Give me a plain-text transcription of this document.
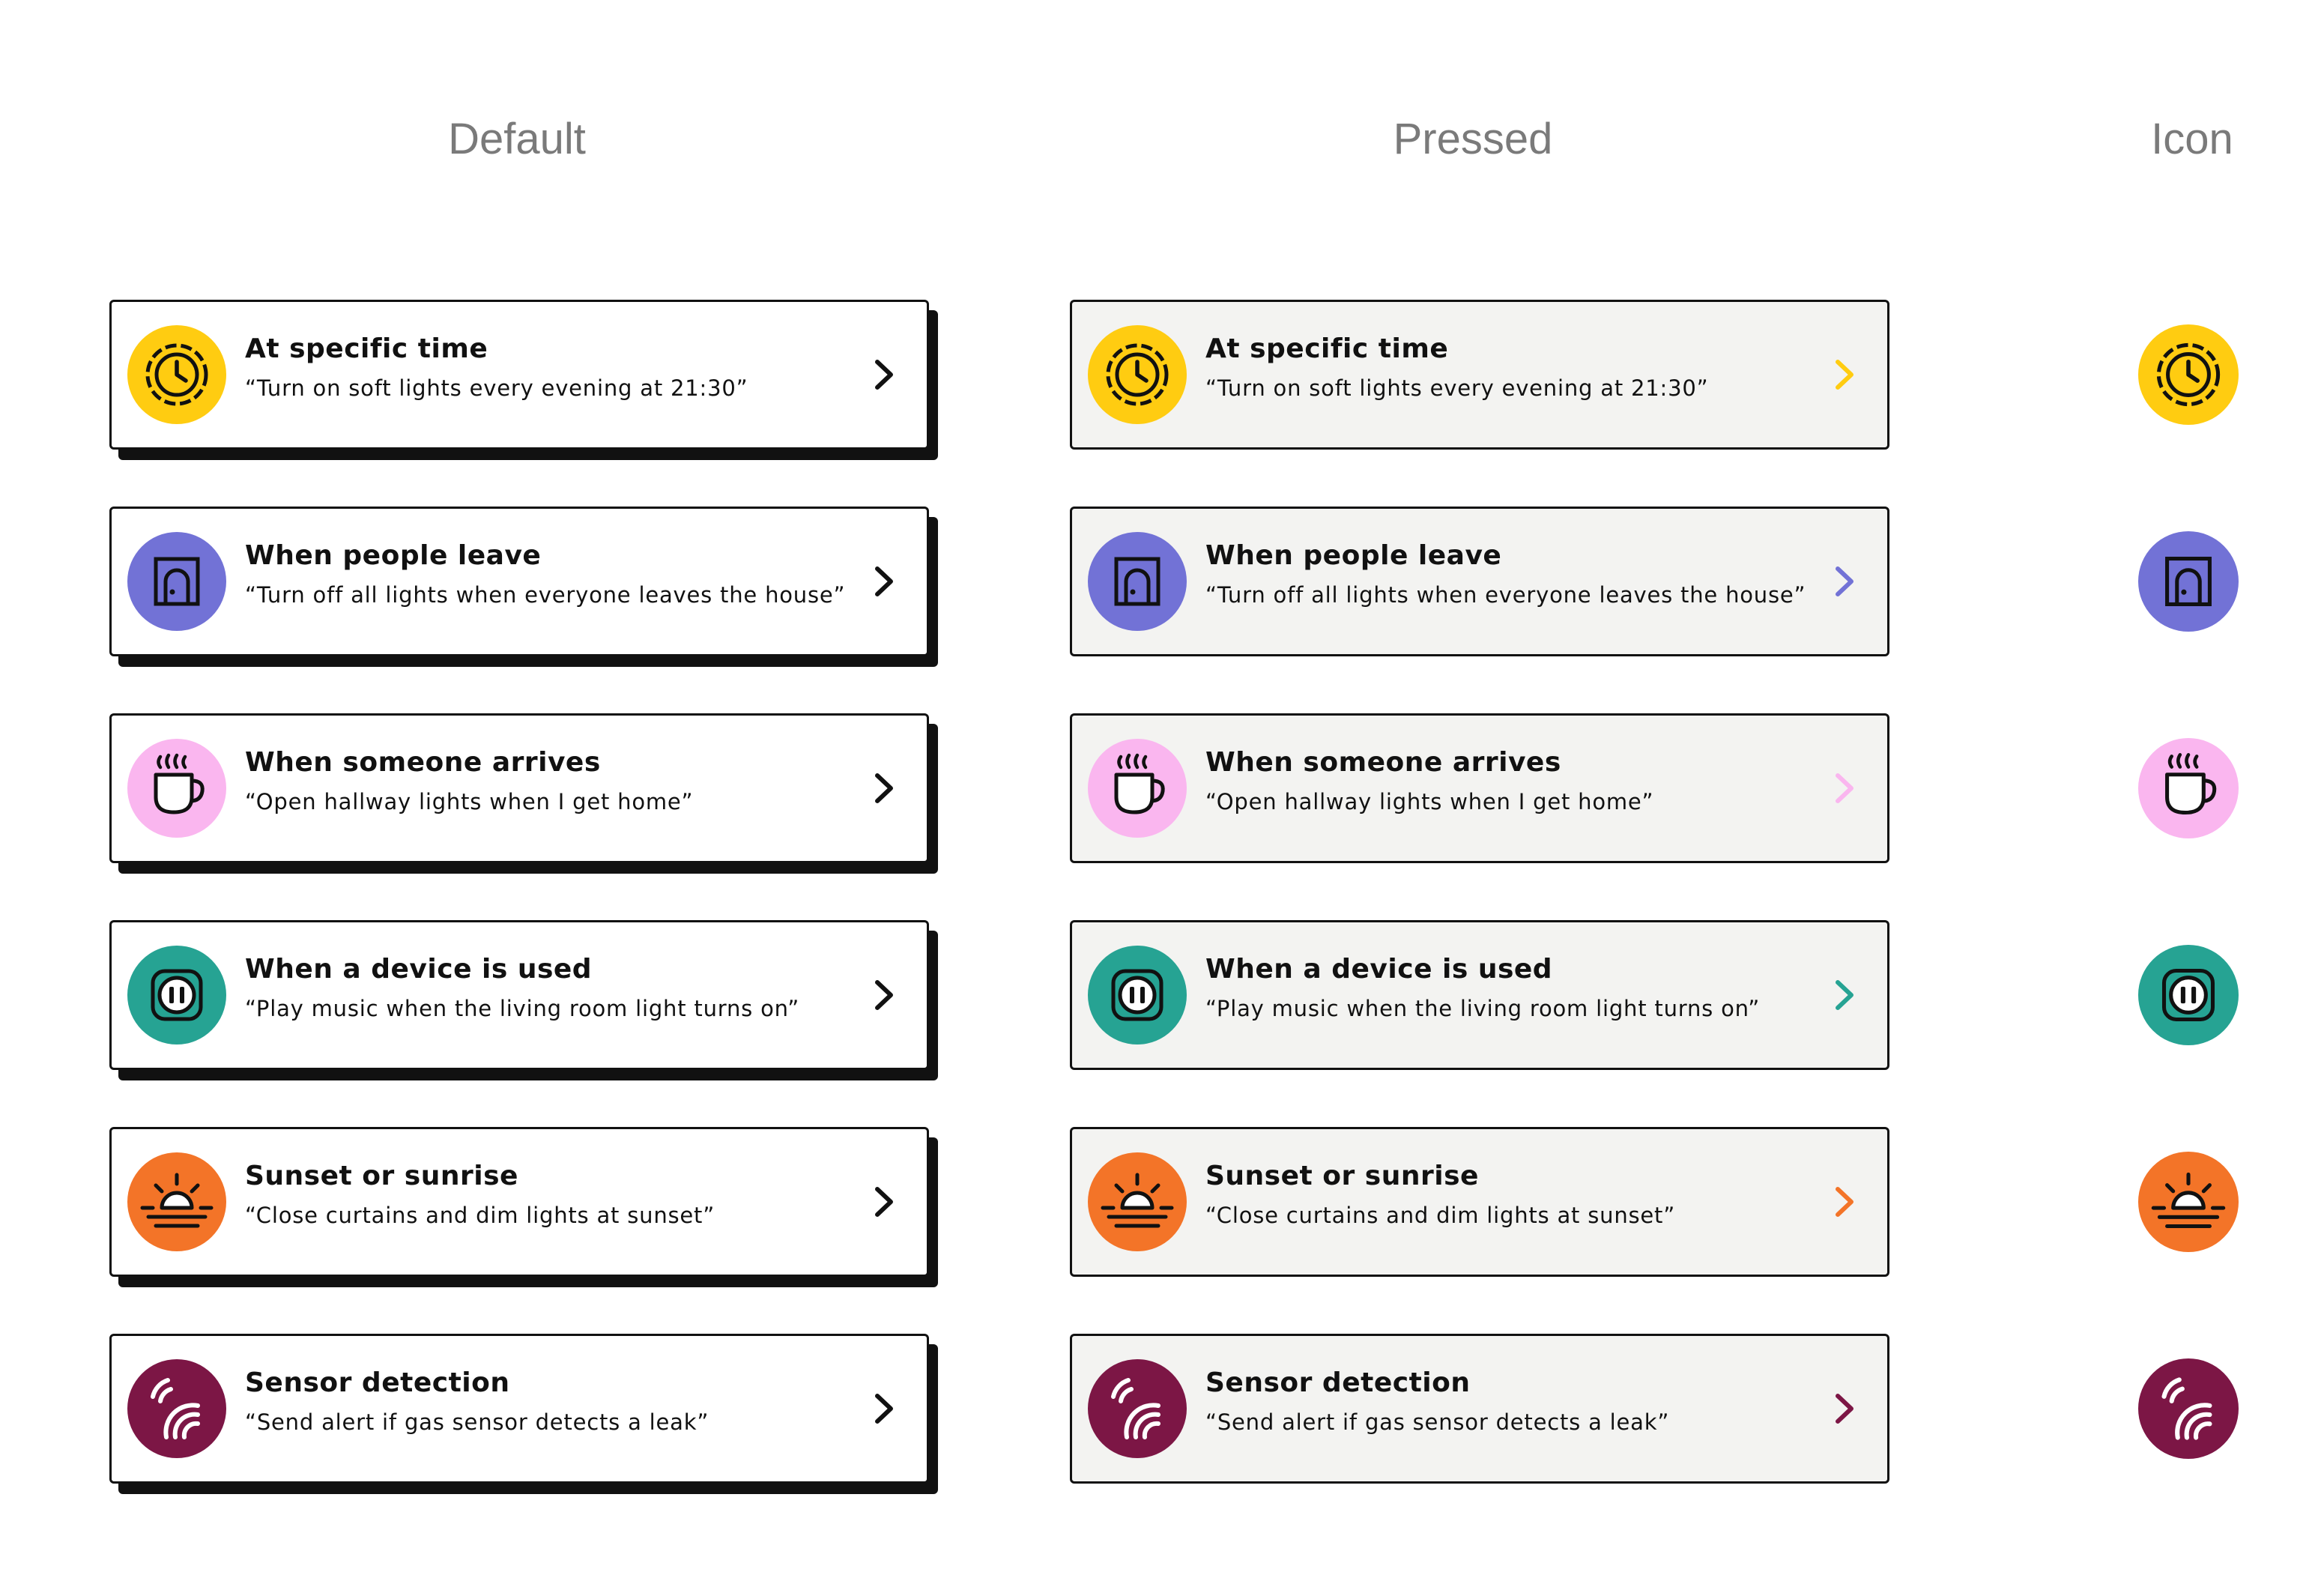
Default	Pressed	Icon
At specific time
“Turn on soft lights every evening at 21:30”
At specific time
“Turn on soft lights every evening at 21:30”
When people leave
“Turn off all lights when everyone leaves the house”
When people leave
“Turn off all lights when everyone leaves the house”
When someone arrives
“Open hallway lights when I get home”
When someone arrives
“Open hallway lights when I get home”
When a device is used
“Play music when the living room light turns on”
When a device is used
“Play music when the living room light turns on”
Sunset or sunrise
“Close curtains and dim lights at sunset”
Sunset or sunrise
“Close curtains and dim lights at sunset”
Sensor detection
“Send alert if gas sensor detects a leak”
Sensor detection
“Send alert if gas sensor detects a leak”
